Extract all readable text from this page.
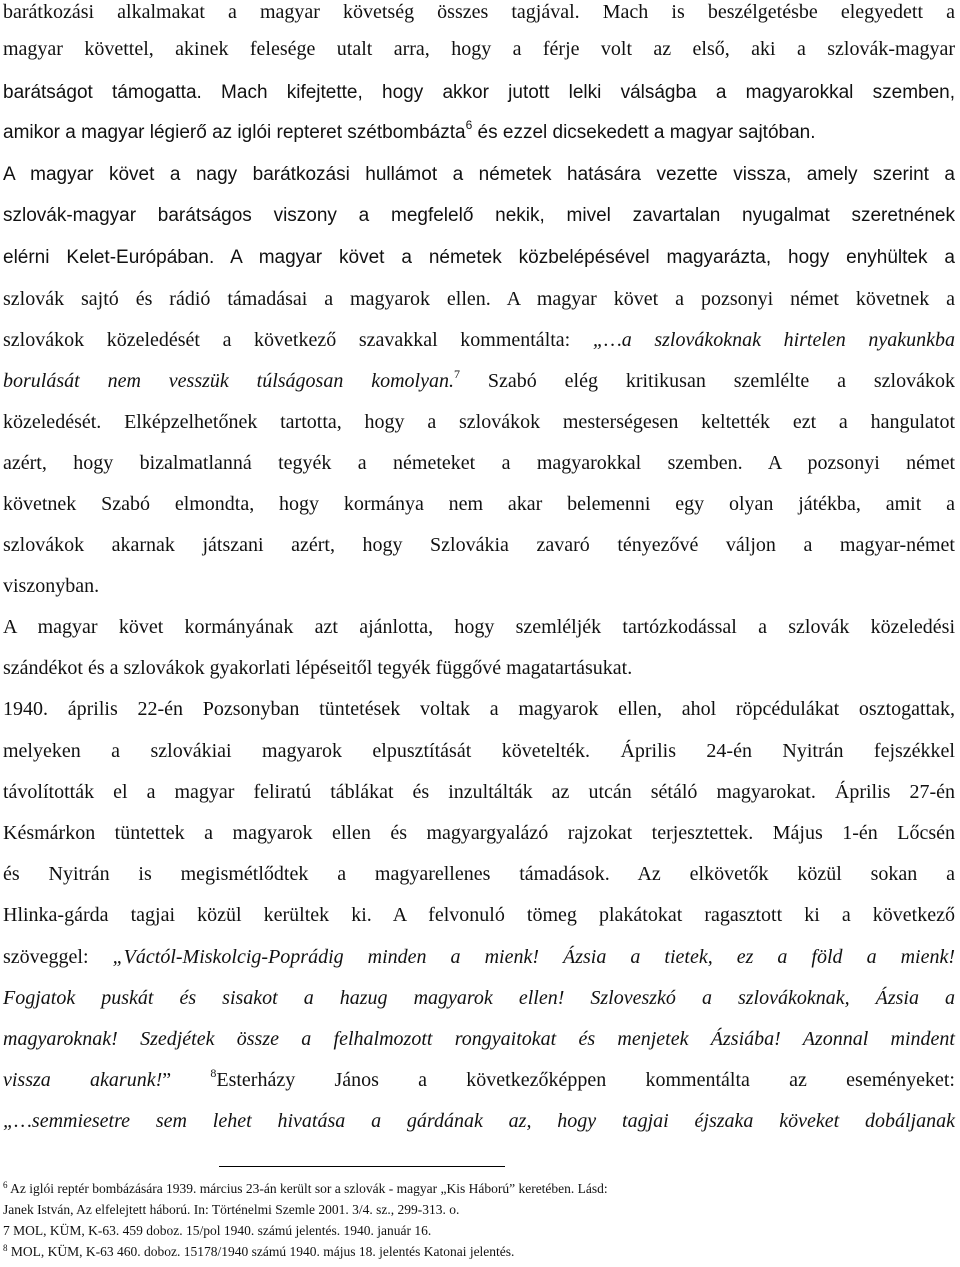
barátkozási alkalmakat a magyar követség összes tagjával. Mach is beszélgetésbe elegyedett a
magyar követtel, akinek felesége utalt arra, hogy a férje volt az első, aki a szlovák-magyar
barátságot támogatta. Mach kifejtette, hogy akkor jutott lelki válságba a magyarokkal szemben,
amikor a magyar légierő az iglói repteret szétbombázta$^6$ és ezzel dicsekedett a magyar sajtóban.
A magyar követ a nagy barátkozási hullámot a németek hatására vezette vissza, amely szerint a
szlovák-magyar barátságos viszony a megfelelő nekik, mivel zavartalan nyugalmat szeretnének
elérni Kelet-Európában. A magyar követ a németek közbelépésével magyarázta, hogy enyhültek a
szlovák sajtó és rádió támadásai a magyarok ellen. A magyar követ a pozsonyi német követnek a
szlovákok közeledését a következő szavakkal kommentálta: „…a szlovákoknak hirtelen nyakunkba
borulását nem vesszük túlságosan komolyan.$^7$ Szabó elég kritikusan szemlélte a szlovákok
közeledését. Elképzelhetőnek tartotta, hogy a szlovákok mesterségesen keltették ezt a hangulatot
azért, hogy bizalmatlanná tegyék a németeket a magyarokkal szemben. A pozsonyi német
követnek Szabó elmondta, hogy kormánya nem akar belemenni egy olyan játékba, amit a
szlovákok akarnak játszani azért, hogy Szlovákia zavaró tényezővé váljon a magyar-német
viszonyban.
A magyar követ kormányának azt ajánlotta, hogy szemléljék tartózkodással a szlovák közeledési
szándékot és a szlovákok gyakorlati lépéseitől tegyék függővé magatartásukat.
1940. április 22-én Pozsonyban tüntetések voltak a magyarok ellen, ahol röpcédulákat osztogattak,
melyeken a szlovákiai magyarok elpusztítását követelték. Április 24-én Nyitrán fejszékkel
távolították el a magyar feliratú táblákat és inzultálták az utcán sétáló magyarokat. Április 27-én
Késmárkon tüntettek a magyarok ellen és magyargyalázó rajzokat terjesztettek. Május 1-én Lőcsén
és Nyitrán is megismétlődtek a magyarellenes támadások. Az elkövetők közül sokan a
Hlinka-gárda tagjai közül kerültek ki. A felvonuló tömeg plakátokat ragasztott ki a következő
szöveggel: „Váctól-Miskolcig-Poprádig minden a mienk! Ázsia a tietek, ez a föld a mienk!
Fogjatok puskát és sisakot a hazug magyarok ellen! Szloveszkó a szlovákoknak, Ázsia a
magyaroknak! Szedjétek össze a felhalmozott rongyaitokat és menjetek Ázsiába! Azonnal mindent
vissza akarunk!” $^8$Esterházy János a következőképpen kommentálta az eseményeket:
„…semmiesetre sem lehet hivatása a gárdának az, hogy tagjai éjszaka köveket dobáljanak
$^6$ Az iglói reptér bombázására 1939. március 23-án került sor a szlovák - magyar „Kis Háború” keretében. Lásd:
Janek István, Az elfelejtett háború. In: Történelmi Szemle 2001. 3/4. sz., 299-313. o.
7 MOL, KÜM, K-63. 459 doboz. 15/pol 1940. számú jelentés. 1940. január 16.
$^8$ MOL, KÜM, K-63 460. doboz. 15178/1940 számú 1940. május 18. jelentés Katonai jelentés.
